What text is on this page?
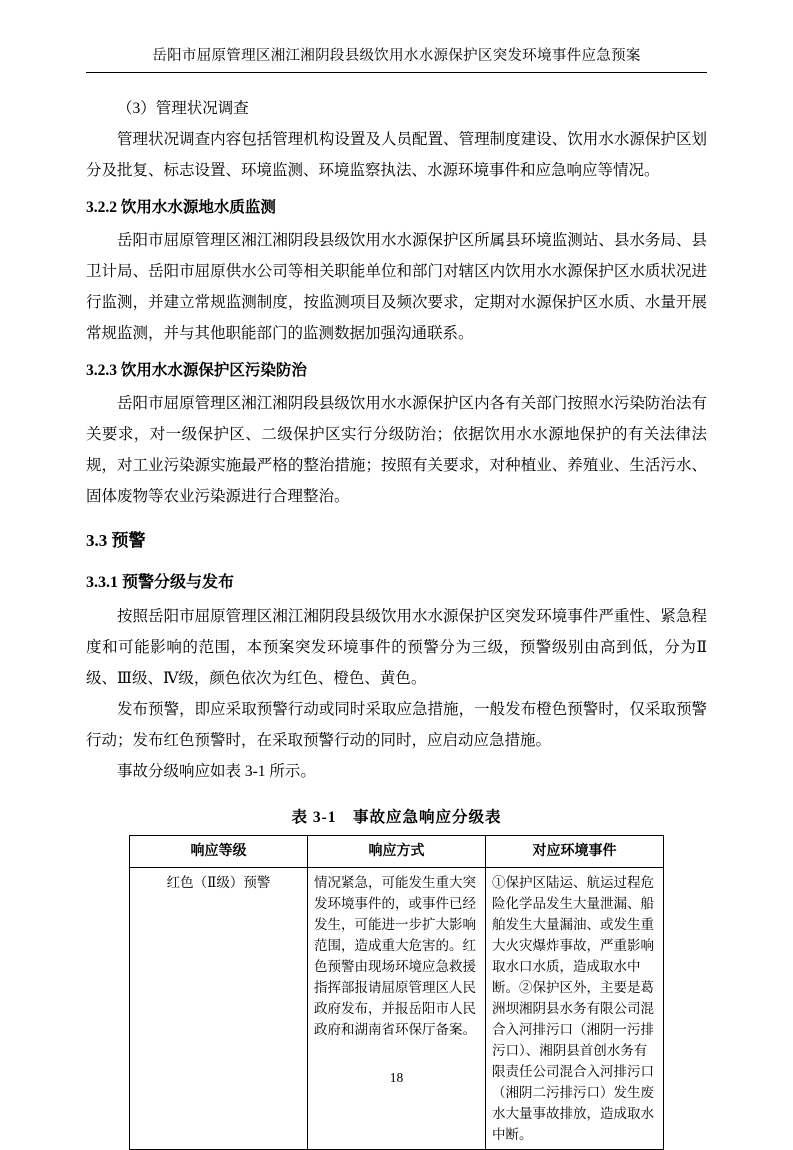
岳阳市屈原管理区湘江湘阴段县级饮用水水源保护区突发环境事件应急预案

（3）管理状况调查

管理状况调查内容包括管理机构设置及人员配置、管理制度建设、饮用水水源保护区划分及批复、标志设置、环境监测、环境监察执法、水源环境事件和应急响应等情况。

3.2.2 饮用水水源地水质监测

岳阳市屈原管理区湘江湘阴段县级饮用水水源保护区所属县环境监测站、县水务局、县卫计局、岳阳市屈原供水公司等相关职能单位和部门对辖区内饮用水水源保护区水质状况进行监测，并建立常规监测制度，按监测项目及频次要求，定期对水源保护区水质、水量开展常规监测，并与其他职能部门的监测数据加强沟通联系。

3.2.3 饮用水水源保护区污染防治

岳阳市屈原管理区湘江湘阴段县级饮用水水源保护区内各有关部门按照水污染防治法有关要求，对一级保护区、二级保护区实行分级防治；依据饮用水水源地保护的有关法律法规，对工业污染源实施最严格的整治措施；按照有关要求，对种植业、养殖业、生活污水、固体废物等农业污染源进行合理整治。

3.3 预警
3.3.1 预警分级与发布

按照岳阳市屈原管理区湘江湘阴段县级饮用水水源保护区突发环境事件严重性、紧急程度和可能影响的范围，本预案突发环境事件的预警分为三级，预警级别由高到低，分为Ⅱ级、Ⅲ级、Ⅳ级，颜色依次为红色、橙色、黄色。

发布预警，即应采取预警行动或同时采取应急措施，一般发布橙色预警时，仅采取预警行动；发布红色预警时，在采取预警行动的同时，应启动应急措施。

事故分级响应如表 3-1 所示。

表 3-1　事故应急响应分级表
响应等级	响应方式	对应环境事件
红色（Ⅱ级）预警	情况紧急，可能发生重大突发环境事件的，或事件已经发生，可能进一步扩大影响范围，造成重大危害的。红色预警由现场环境应急救援指挥部报请屈原管理区人民政府发布，并报岳阳市人民政府和湖南省环保厅备案。	①保护区陆运、航运过程危险化学品发生大量泄漏、船舶发生大量漏油、或发生重大火灾爆炸事故，严重影响取水口水质，造成取水中断。②保护区外，主要是葛洲坝湘阴县水务有限公司混合入河排污口（湘阴一污排污口）、湘阴县首创水务有限责任公司混合入河排污口（湘阴二污排污口）发生废水大量事故排放，造成取水中断。
18
